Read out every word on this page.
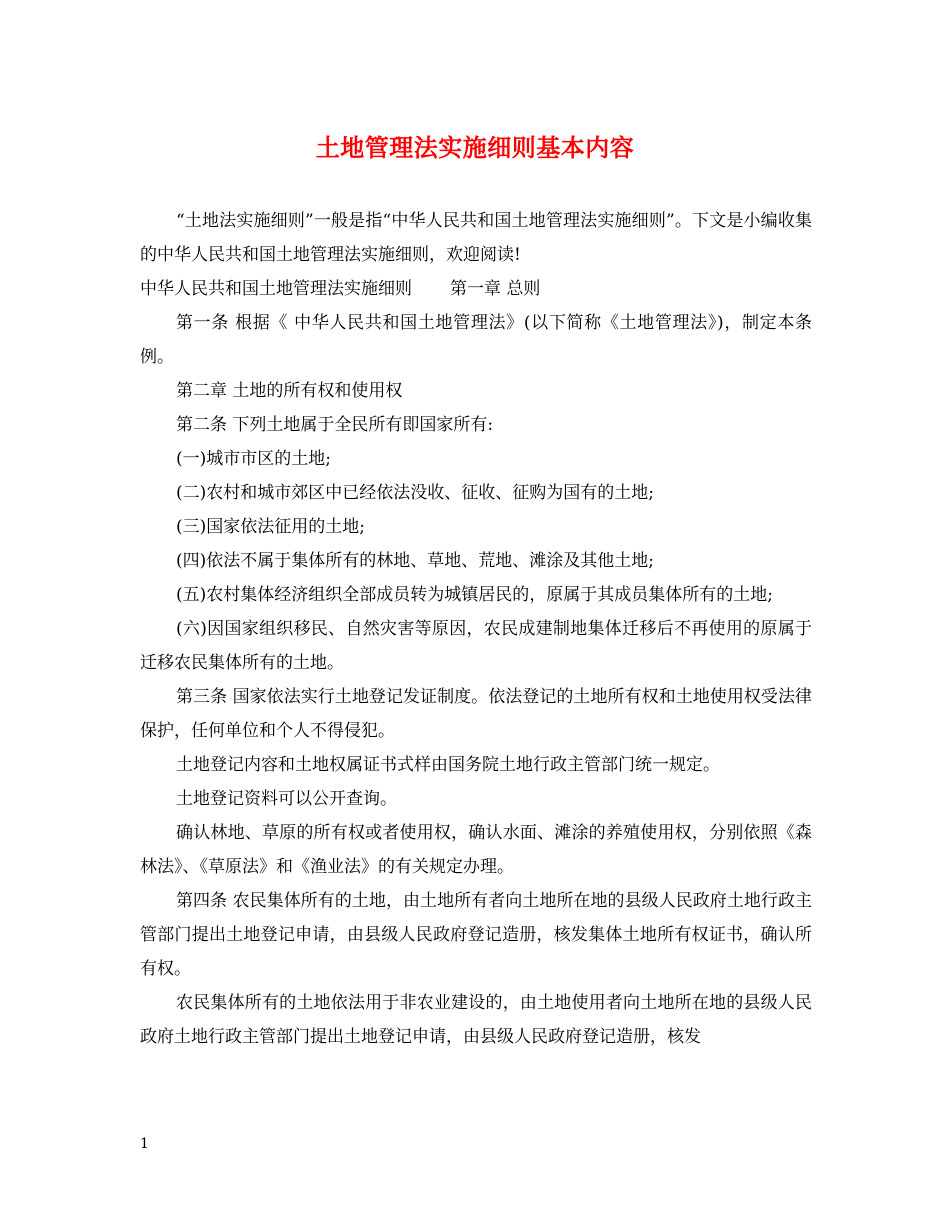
土地管理法实施细则基本内容

“土地法实施细则”一般是指“中华人民共和国土地管理法实施细则”。下文是小编收集的中华人民共和国土地管理法实施细则，欢迎阅读!

中华人民共和国土地管理法实施细则 第一章 总则

第一条 根据《 中华人民共和国土地管理法》(以下简称《土地管理法》)，制定本条例。

第二章 土地的所有权和使用权

第二条 下列土地属于全民所有即国家所有:

(一)城市市区的土地;

(二)农村和城市郊区中已经依法没收、征收、征购为国有的土地;

(三)国家依法征用的土地;

(四)依法不属于集体所有的林地、草地、荒地、滩涂及其他土地;

(五)农村集体经济组织全部成员转为城镇居民的，原属于其成员集体所有的土地;

(六)因国家组织移民、自然灾害等原因，农民成建制地集体迁移后不再使用的原属于迁移农民集体所有的土地。

第三条 国家依法实行土地登记发证制度。依法登记的土地所有权和土地使用权受法律保护，任何单位和个人不得侵犯。

土地登记内容和土地权属证书式样由国务院土地行政主管部门统一规定。

土地登记资料可以公开查询。

确认林地、草原的所有权或者使用权，确认水面、滩涂的养殖使用权，分别依照《森林法》、《草原法》和《渔业法》的有关规定办理。

第四条 农民集体所有的土地，由土地所有者向土地所在地的县级人民政府土地行政主管部门提出土地登记申请，由县级人民政府登记造册，核发集体土地所有权证书，确认所有权。

农民集体所有的土地依法用于非农业建设的，由土地使用者向土地所在地的县级人民政府土地行政主管部门提出土地登记申请，由县级人民政府登记造册，核发

1
